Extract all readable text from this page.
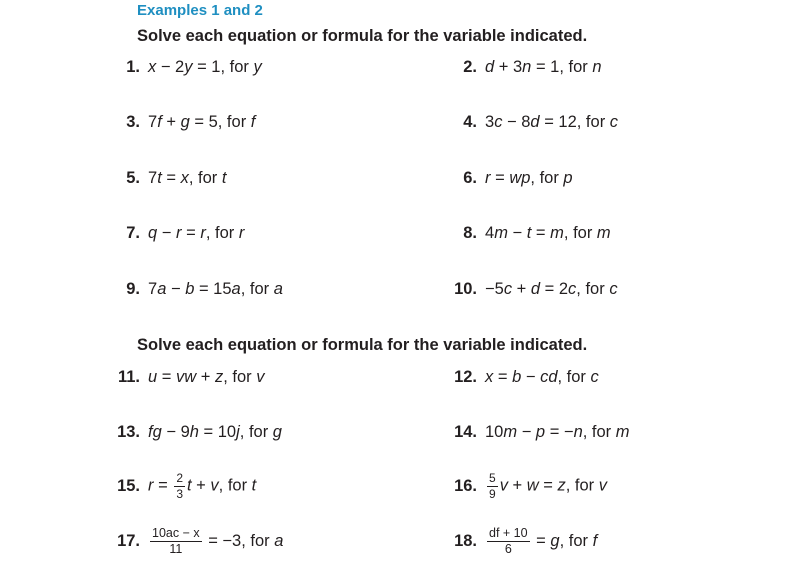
Examples 1 and 2
Solve each equation or formula for the variable indicated.
1. x − 2y = 1, for y	2. d + 3n = 1, for n
3. 7f + g = 5, for f	4. 3c − 8d = 12, for c
5. 7t = x, for t	6. r = wp, for p
7. q − r = r, for r	8. 4m − t = m, for m
9. 7a − b = 15a, for a	10. −5c + d = 2c, for c
Solve each equation or formula for the variable indicated.
11. u = vw + z, for v	12. x = b − cd, for c
13. fg − 9h = 10j, for g	14. 10m − p = −n, for m
15. $r = \frac{2}{3}$ t + v, for t	16. $\frac{5}{9}$ v + w = z, for v
17. $\frac{10ac - x}{11} = -3$, for a	18. $\frac{df + 10}{6} = g$, for f
